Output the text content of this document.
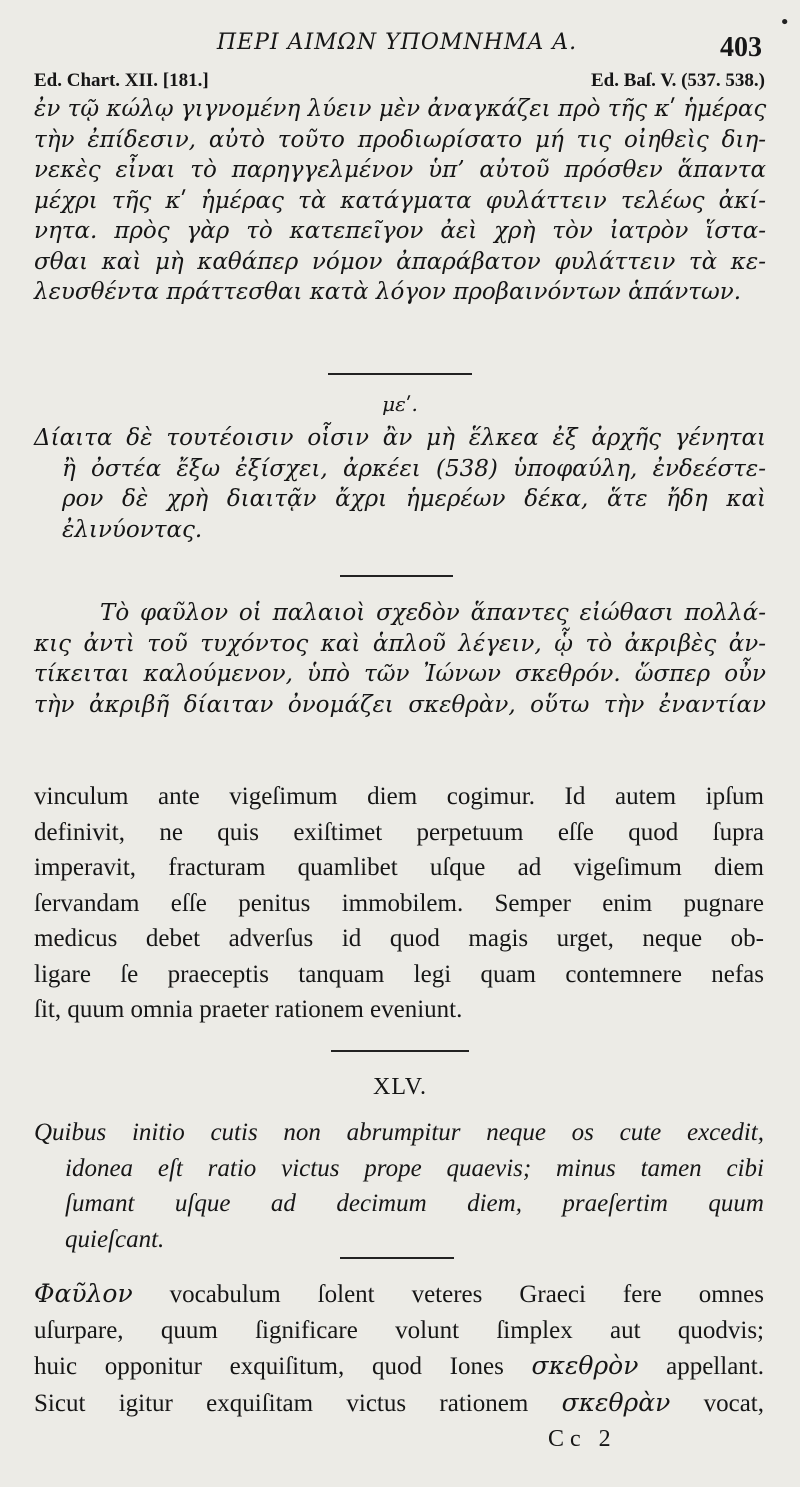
•
ΠΕΡΙ ΑΙΜΩΝ ΥΠΟΜΝΗΜΑ Α.	403
Ed. Chart. XII. [181.]	Ed. Baſ. V. (537. 538.)
ἐν τῷ κώλῳ γιγνομένη λύειν μὲν ἀναγκάζει πρὸ τῆς κʹ ἡμέρας
τὴν ἐπίδεσιν, αὐτὸ τοῦτο προδιωρίσατο μή τις οἰηθεὶς διη-
νεκὲς εἶναι τὸ παρηγγελμένον ὑπ’ αὐτοῦ πρόσθεν ἅπαντα
μέχρι τῆς κʹ ἡμέρας τὰ κατάγματα φυλάττειν τελέως ἀκί-
νητα. πρὸς γὰρ τὸ κατεπεῖγον ἀεὶ χρὴ τὸν ἰατρὸν ἵστα-
σθαι καὶ μὴ καθάπερ νόμον ἀπαράβατον φυλάττειν τὰ κε-
λευσθέντα πράττεσθαι κατὰ λόγον προβαινόντων ἁπάντων.
μεʹ.
Δίαιτα δὲ τουτέοισιν οἷσιν ἂν μὴ ἕλκεα ἐξ ἀρχῆς γένηται
ἢ ὀστέα ἔξω ἐξίσχει, ἀρκέει (538) ὑποφαύλη, ἐνδεέστε-
ρον δὲ χρὴ διαιτᾷν ἄχρι ἡμερέων δέκα, ἅτε ἤδη καὶ
ἐλινύοντας.
Τὸ φαῦλον οἱ παλαιοὶ σχεδὸν ἅπαντες εἰώθασι πολλά-
κις ἀντὶ τοῦ τυχόντος καὶ ἁπλοῦ λέγειν, ᾧ τὸ ἀκριβὲς ἀν-
τίκειται καλούμενον, ὑπὸ τῶν Ἰώνων σκεθρόν. ὥσπερ οὖν
τὴν ἀκριβῆ δίαιταν ὀνομάζει σκεθρὰν, οὕτω τὴν ἐναντίαν
vinculum ante vigeſimum diem cogimur. Id autem ipſum
definivit, ne quis exiſtimet perpetuum eſſe quod ſupra
imperavit, fracturam quamlibet uſque ad vigeſimum diem
ſervandam eſſe penitus immobilem. Semper enim pugnare
medicus debet adverſus id quod magis urget, neque ob-
ligare ſe praeceptis tanquam legi quam contemnere nefas
ſit, quum omnia praeter rationem eveniunt.
XLV.
Quibus initio cutis non abrumpitur neque os cute excedit,
idonea eſt ratio victus prope quaevis; minus tamen cibi
ſumant uſque ad decimum diem, praeſertim quum
quieſcant.
Φαῦλον vocabulum ſolent veteres Graeci fere omnes
uſurpare, quum ſignificare volunt ſimplex aut quodvis;
huic opponitur exquiſitum, quod Iones σκεθρὸν appellant.
Sicut igitur exquiſitam victus rationem σκεθρὰν vocat,
Cc 2
